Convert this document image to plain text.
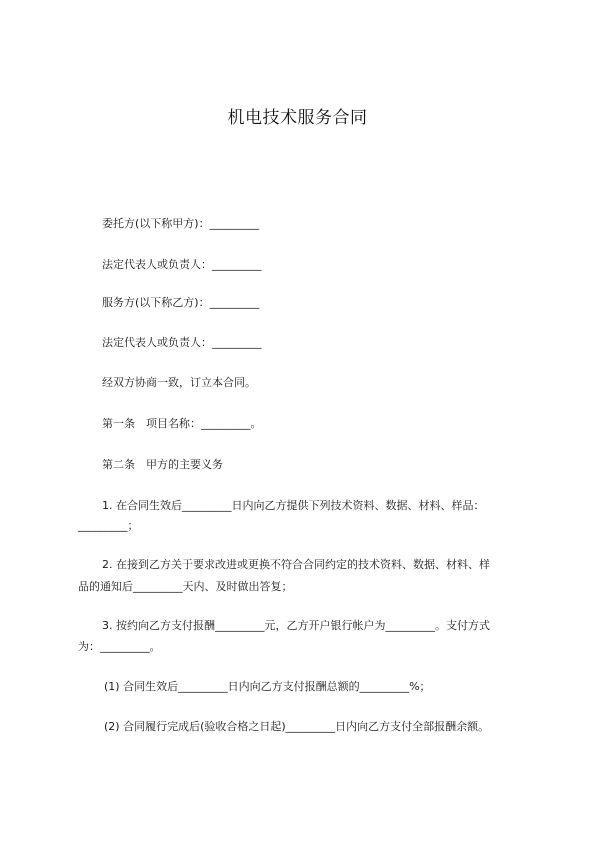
机电技术服务合同
委托方(以下称甲方)：_________
法定代表人或负责人：_________
服务方(以下称乙方)：_________
法定代表人或负责人：_________
经双方协商一致，订立本合同。
第一条　项目名称：_________。
第二条　甲方的主要义务
1. 在合同生效后_________日内向乙方提供下列技术资料、数据、材料、样品：
_________；
2. 在接到乙方关于要求改进或更换不符合合同约定的技术资料、数据、材料、样
品的通知后_________天内、及时做出答复；
3. 按约向乙方支付报酬_________元，乙方开户银行帐户为_________。支付方式
为：_________。
(1) 合同生效后_________日内向乙方支付报酬总额的_________%；
(2) 合同履行完成后(验收合格之日起)_________日内向乙方支付全部报酬余额。
